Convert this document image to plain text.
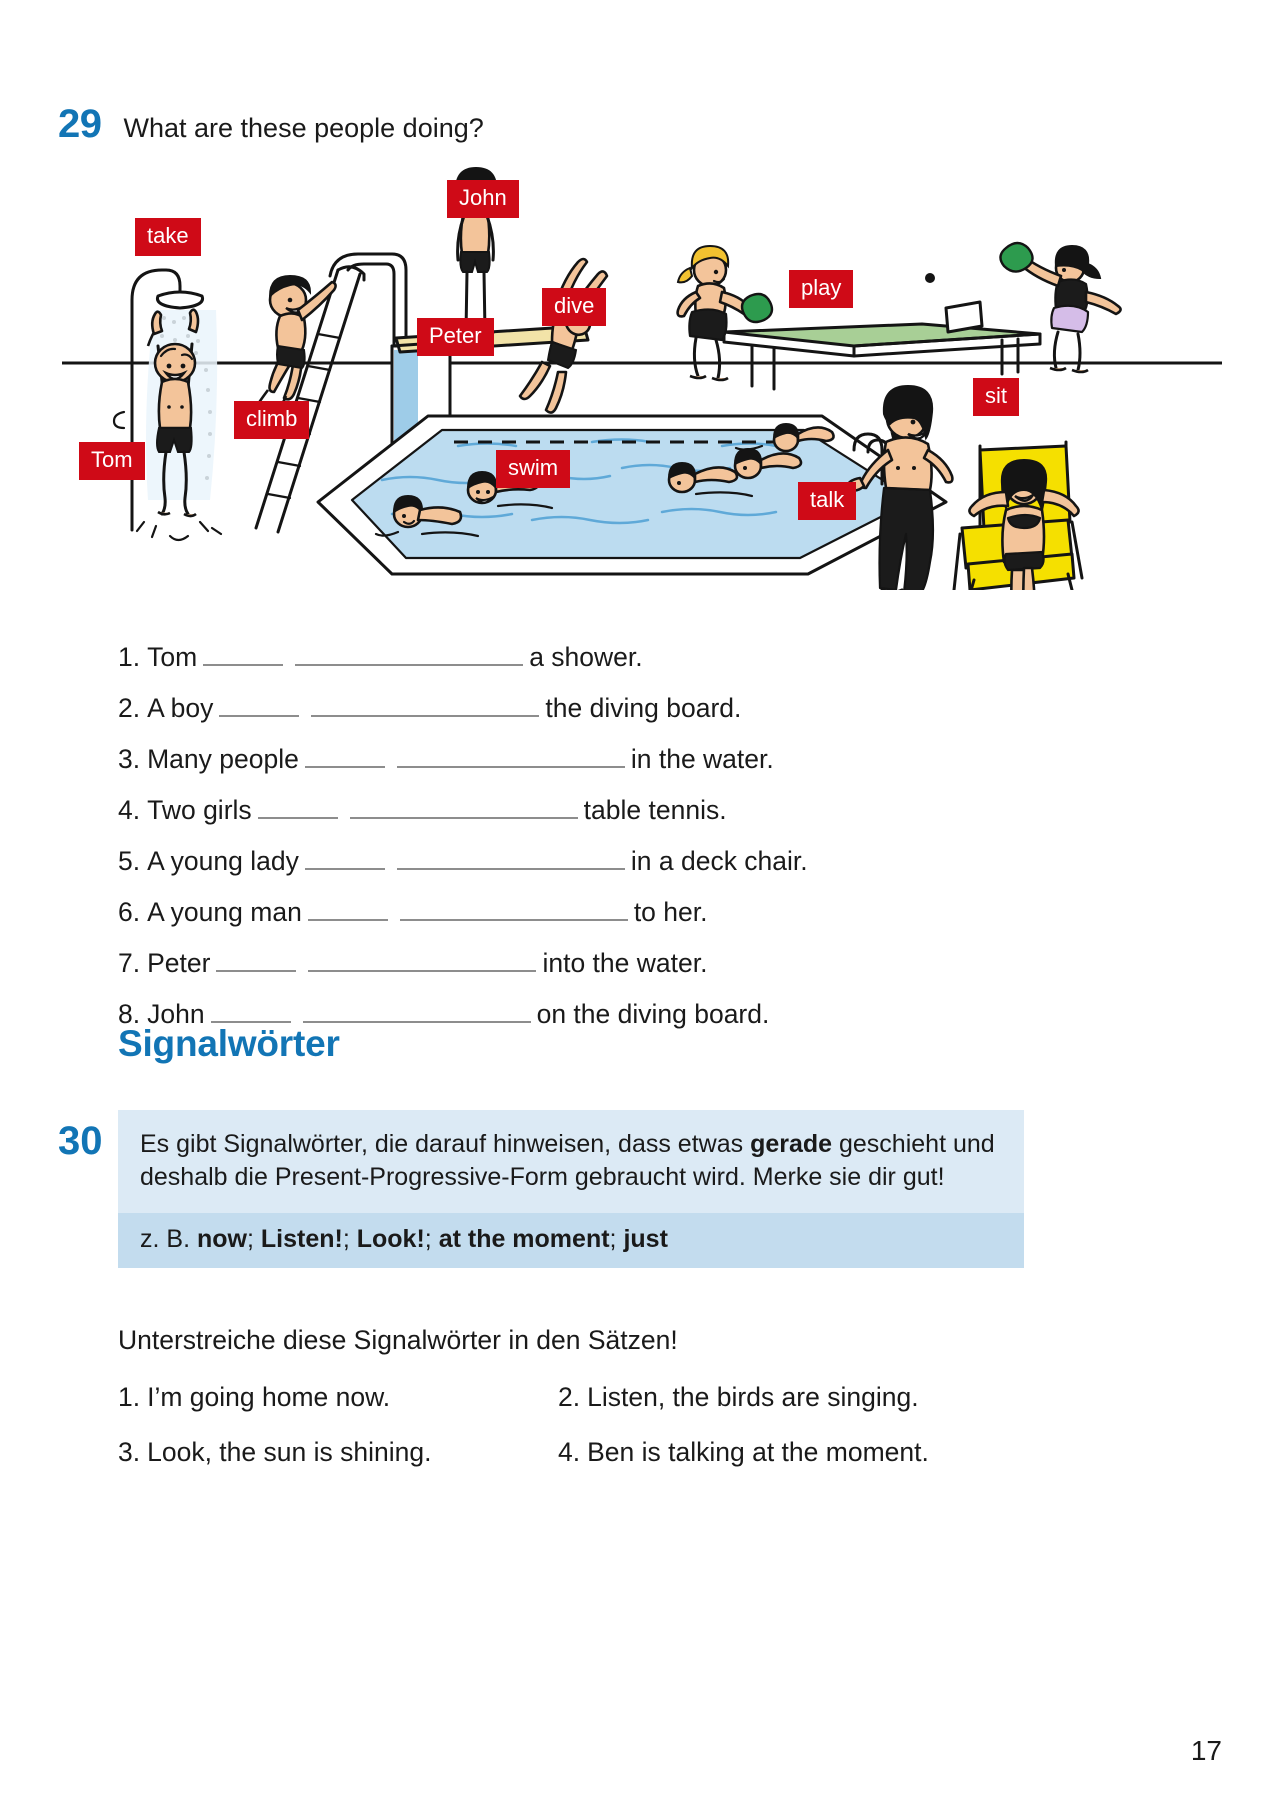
29 What are these people doing?
take
John
dive
play
Peter
sit
climb
Tom	swim
talk
1. Tom	a shower.
2. A boy	the diving board.
3. Many people	in the water.
4. Two girls	table tennis.
5. A young lady	in a deck chair.
6. A young man	to her.
7. Peter	into the water.
8. John	on the diving board.
Signalwörter
30	Es gibt Signalwörter, die darauf hinweisen, dass etwas gerade geschieht und deshalb die Present-Progressive-Form gebraucht wird. Merke sie dir gut!
z. B. now; Listen!; Look!; at the moment; just
Unterstreiche diese Signalwörter in den Sätzen!
1. I’m going home now.	2. Listen, the birds are singing.
3. Look, the sun is shining.	4. Ben is talking at the moment.
17
